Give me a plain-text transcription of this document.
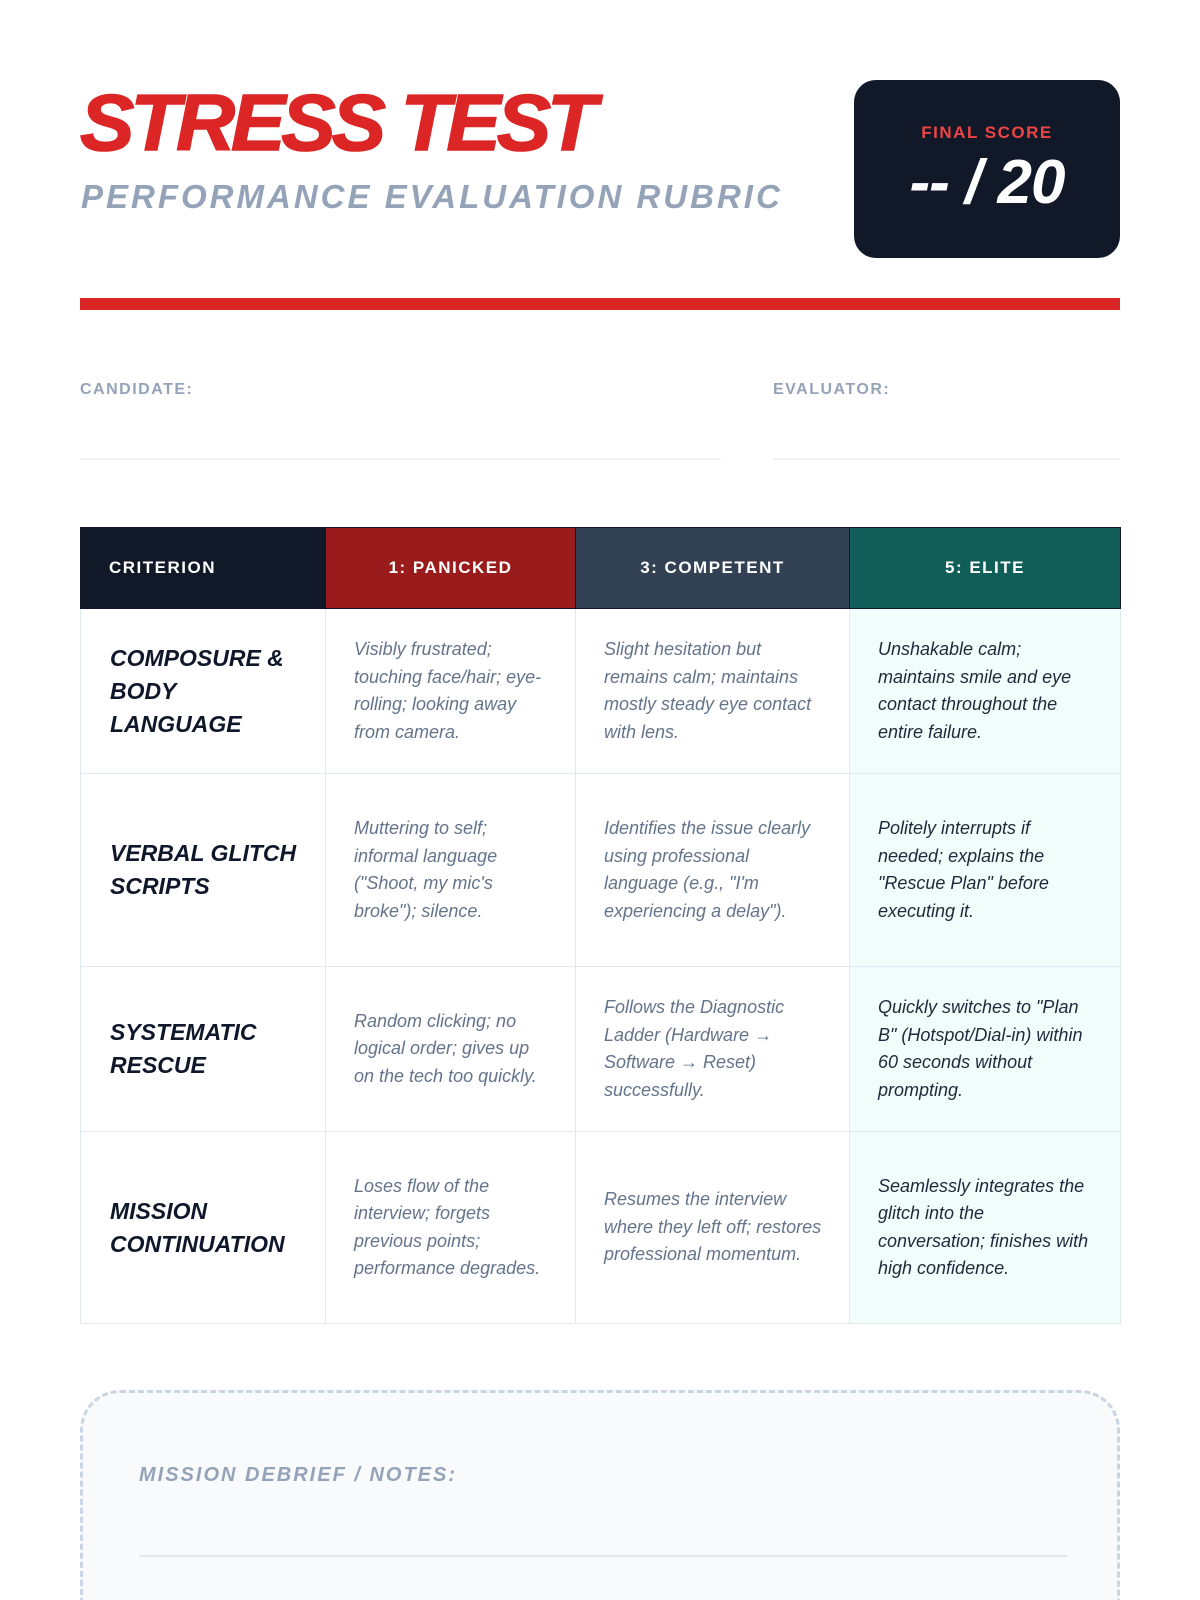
STRESS TEST
PERFORMANCE EVALUATION RUBRIC
FINAL SCORE
-- / 20
CANDIDATE:	EVALUATOR:
CRITERION	1: PANICKED	3: COMPETENT	5: ELITE
COMPOSURE & BODY LANGUAGE	Visibly frustrated; touching face/hair; eye-rolling; looking away from camera.	Slight hesitation but remains calm; maintains mostly steady eye contact with lens.	Unshakable calm; maintains smile and eye contact throughout the entire failure.
VERBAL GLITCH SCRIPTS	Muttering to self; informal language ("Shoot, my mic's broke"); silence.	Identifies the issue clearly using professional language (e.g., "I'm experiencing a delay").	Politely interrupts if needed; explains the "Rescue Plan" before executing it.
SYSTEMATIC RESCUE	Random clicking; no logical order; gives up on the tech too quickly.	Follows the Diagnostic Ladder (Hardware → Software → Reset) successfully.	Quickly switches to "Plan B" (Hotspot/Dial-in) within 60 seconds without prompting.
MISSION CONTINUATION	Loses flow of the interview; forgets previous points; performance degrades.	Resumes the interview where they left off; restores professional momentum.	Seamlessly integrates the glitch into the conversation; finishes with high confidence.
MISSION DEBRIEF / NOTES:
